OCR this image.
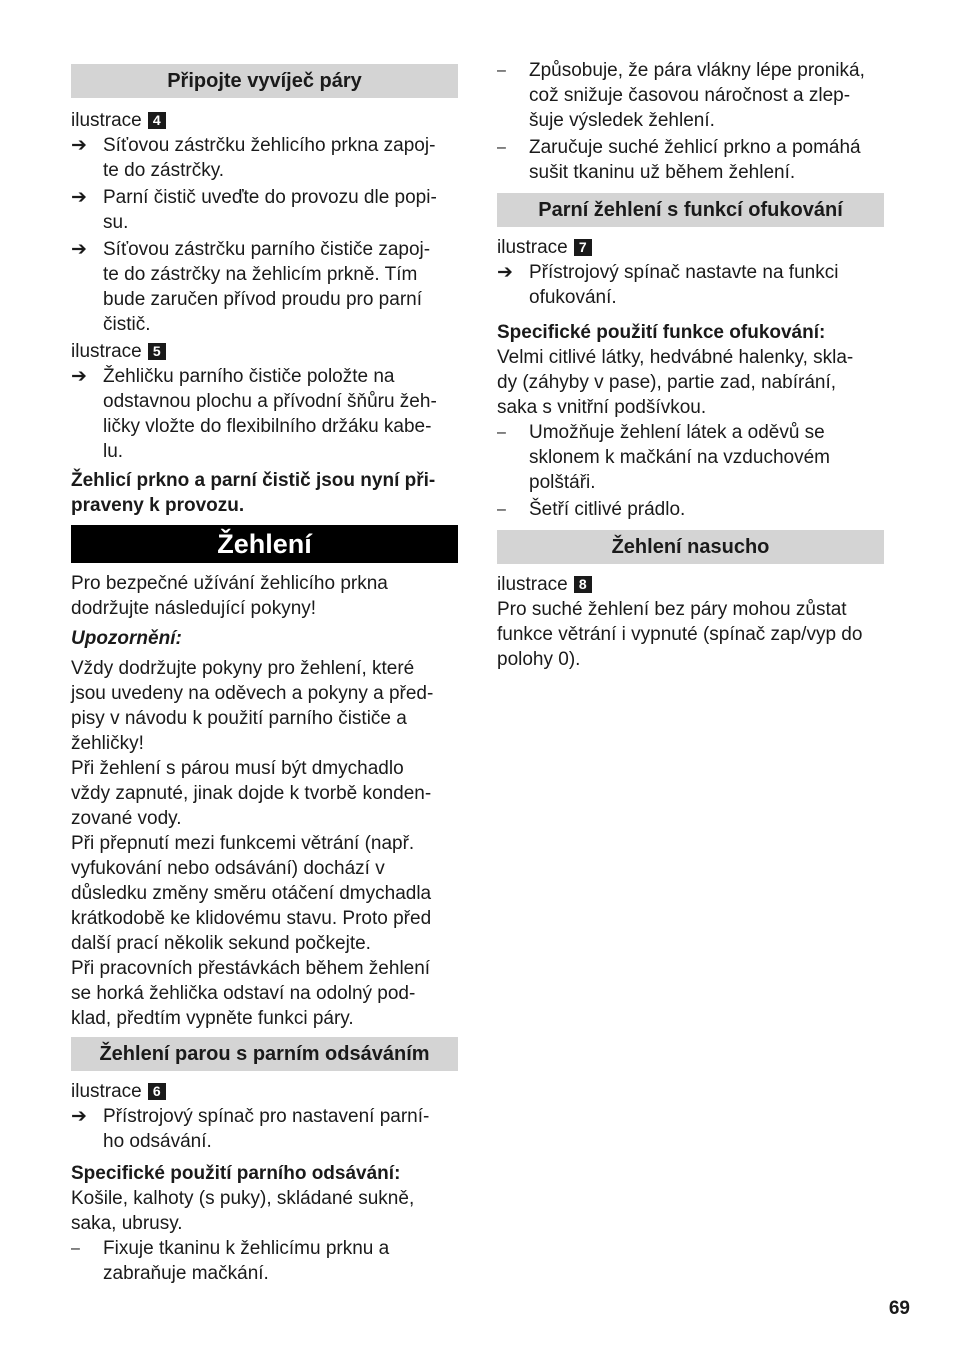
Připojte vyvíječ páry
ilustrace 4
➔ Síťovou zástrčku žehlicího prkna zapoj-
te do zástrčky.
➔ Parní čistič uveďte do provozu dle popi-
su.
➔ Síťovou zástrčku parního čističe zapoj-
te do zástrčky na žehlicím prkně. Tím
bude zaručen přívod proudu pro parní
čistič.
ilustrace 5
➔ Žehličku parního čističe položte na
odstavnou plochu a přívodní šňůru žeh-
ličky vložte do flexibilního držáku kabe-
lu.

Žehlicí prkno a parní čistič jsou nyní při-
praveny k provozu.

Žehlení

Pro bezpečné užívání žehlicího prkna
dodržujte následující pokyny!

Upozornění:

Vždy dodržujte pokyny pro žehlení, které
jsou uvedeny na oděvech a pokyny a před-
pisy v návodu k použití parního čističe a
žehličky!
Při žehlení s párou musí být dmychadlo
vždy zapnuté, jinak dojde k tvorbě konden-
zované vody.
Při přepnutí mezi funkcemi větrání (např.
vyfukování nebo odsávání) dochází v
důsledku změny směru otáčení dmychadla
krátkodobě ke klidovému stavu. Proto před
další prací několik sekund počkejte.
Při pracovních přestávkách během žehlení
se horká žehlička odstaví na odolný pod-
klad, předtím vypněte funkci páry.

Žehlení parou s parním odsáváním
ilustrace 6
➔ Přístrojový spínač pro nastavení parní-
ho odsávání.

Specifické použití parního odsávání:

Košile, kalhoty (s puky), skládané sukně,
saka, ubrusy.

–	Fixuje tkaninu k žehlicímu prknu a
zabraňuje mačkání.
–	Způsobuje, že pára vlákny lépe proniká,
což snižuje časovou náročnost a zlep-
šuje výsledek žehlení.
–	Zaručuje suché žehlicí prkno a pomáhá
sušit tkaninu už během žehlení.
Parní žehlení s funkcí ofukování
ilustrace 7
➔ Přístrojový spínač nastavte na funkci
ofukování.

Specifické použití funkce ofukování:

Velmi citlivé látky, hedvábné halenky, skla-
dy (záhyby v pase), partie zad, nabírání,
saka s vnitřní podšívkou.

–	Umožňuje žehlení látek a oděvů se
sklonem k mačkání na vzduchovém
polštáři.
–	Šetří citlivé prádlo.
Žehlení nasucho
ilustrace 8

Pro suché žehlení bez páry mohou zůstat
funkce větrání i vypnuté (spínač zap/vyp do
polohy 0).

69
